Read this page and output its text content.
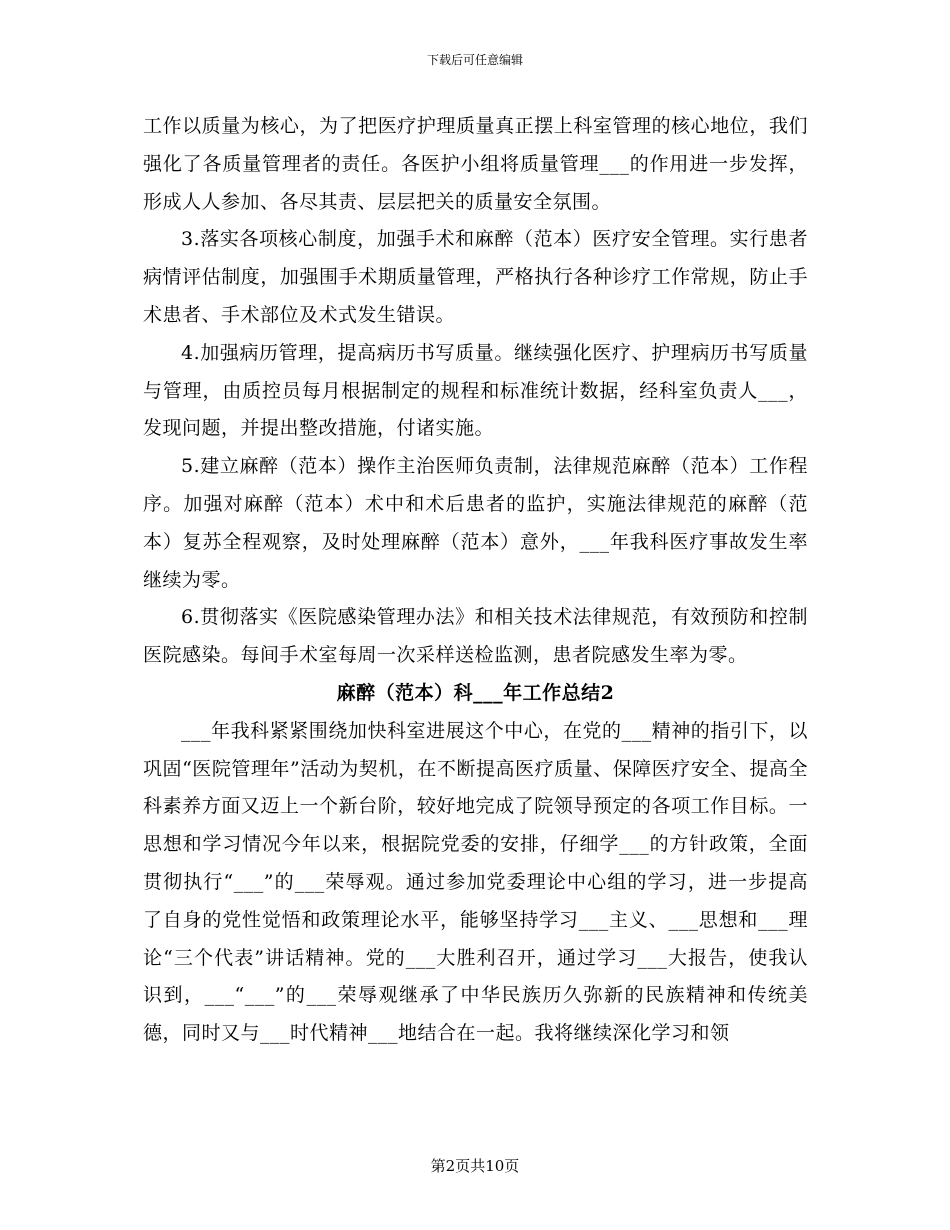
下载后可任意编辑

工作以质量为核心，为了把医疗护理质量真正摆上科室管理的核心地位，我们强化了各质量管理者的责任。各医护小组将质量管理___的作用进一步发挥，形成人人参加、各尽其责、层层把关的质量安全氛围。

3.落实各项核心制度，加强手术和麻醉（范本）医疗安全管理。实行患者病情评估制度，加强围手术期质量管理，严格执行各种诊疗工作常规，防止手术患者、手术部位及术式发生错误。

4.加强病历管理，提高病历书写质量。继续强化医疗、护理病历书写质量与管理，由质控员每月根据制定的规程和标准统计数据，经科室负责人___，发现问题，并提出整改措施，付诸实施。

5.建立麻醉（范本）操作主治医师负责制，法律规范麻醉（范本）工作程序。加强对麻醉（范本）术中和术后患者的监护，实施法律规范的麻醉（范本）复苏全程观察，及时处理麻醉（范本）意外，___年我科医疗事故发生率继续为零。

6.贯彻落实《医院感染管理办法》和相关技术法律规范，有效预防和控制医院感染。每间手术室每周一次采样送检监测，患者院感发生率为零。

麻醉（范本）科___年工作总结2

___年我科紧紧围绕加快科室进展这个中心，在党的___精神的指引下，以巩固“医院管理年”活动为契机，在不断提高医疗质量、保障医疗安全、提高全科素养方面又迈上一个新台阶，较好地完成了院领导预定的各项工作目标。一思想和学习情况今年以来，根据院党委的安排，仔细学___的方针政策，全面贯彻执行“___”的___荣辱观。通过参加党委理论中心组的学习，进一步提高了自身的党性觉悟和政策理论水平，能够坚持学习___主义、___思想和___理论“三个代表”讲话精神。党的___大胜利召开，通过学习___大报告，使我认识到，___“___”的___荣辱观继承了中华民族历久弥新的民族精神和传统美德，同时又与___时代精神___地结合在一起。我将继续深化学习和领

第2页共10页
